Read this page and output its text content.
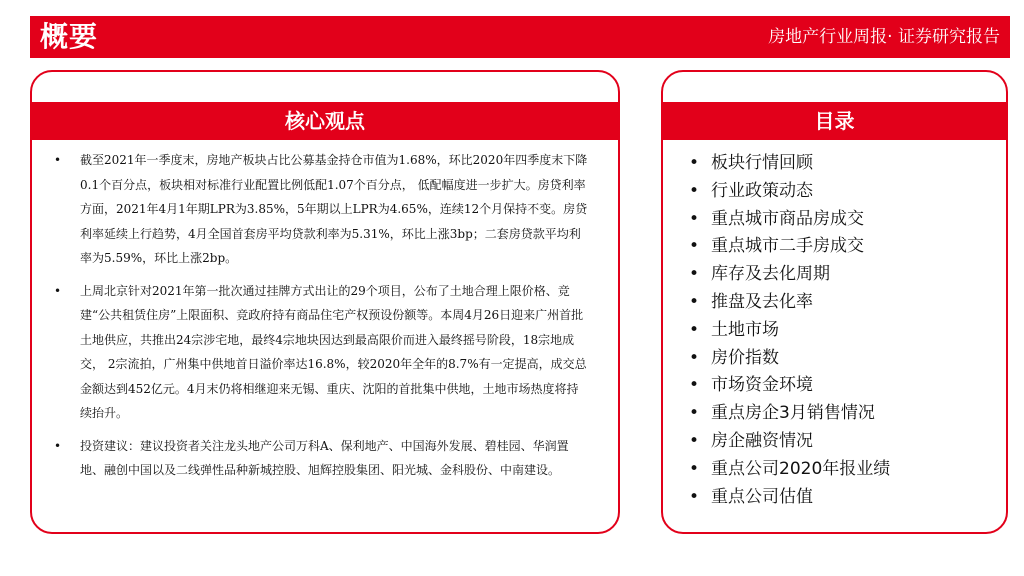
概要	房地产行业周报· 证券研究报告
核心观点
• 截至2021年一季度末，房地产板块占比公募基金持仓市值为1.68%，环比2020年四季度末下降0.1个百分点，板块相对标准行业配置比例低配1.07个百分点， 低配幅度进一步扩大。房贷利率方面，2021年4月1年期LPR为3.85%，5年期以上LPR为4.65%，连续12个月保持不变。房贷利率延续上行趋势，4月全国首套房平均贷款利率为5.31%，环比上涨3bp；二套房贷款平均利率为5.59%，环比上涨2bp。
• 上周北京针对2021年第一批次通过挂牌方式出让的29个项目，公布了土地合理上限价格、竞建“公共租赁住房”上限面积、竞政府持有商品住宅产权预设份额等。本周4月26日迎来广州首批土地供应，共推出24宗涉宅地，最终4宗地块因达到最高限价而进入最终摇号阶段，18宗地成交， 2宗流拍，广州集中供地首日溢价率达16.8%，较2020年全年的8.7%有一定提高，成交总金额达到452亿元。4月末仍将相继迎来无锡、重庆、沈阳的首批集中供地，土地市场热度将持续抬升。
• 投资建议：建议投资者关注龙头地产公司万科A、保利地产、中国海外发展、碧桂园、华润置地、融创中国以及二线弹性品种新城控股、旭辉控股集团、阳光城、金科股份、中南建设。
目录
• 板块行情回顾
• 行业政策动态
• 重点城市商品房成交
• 重点城市二手房成交
• 库存及去化周期
• 推盘及去化率
• 土地市场
• 房价指数
• 市场资金环境
• 重点房企3月销售情况
• 房企融资情况
• 重点公司2020年报业绩
• 重点公司估值
